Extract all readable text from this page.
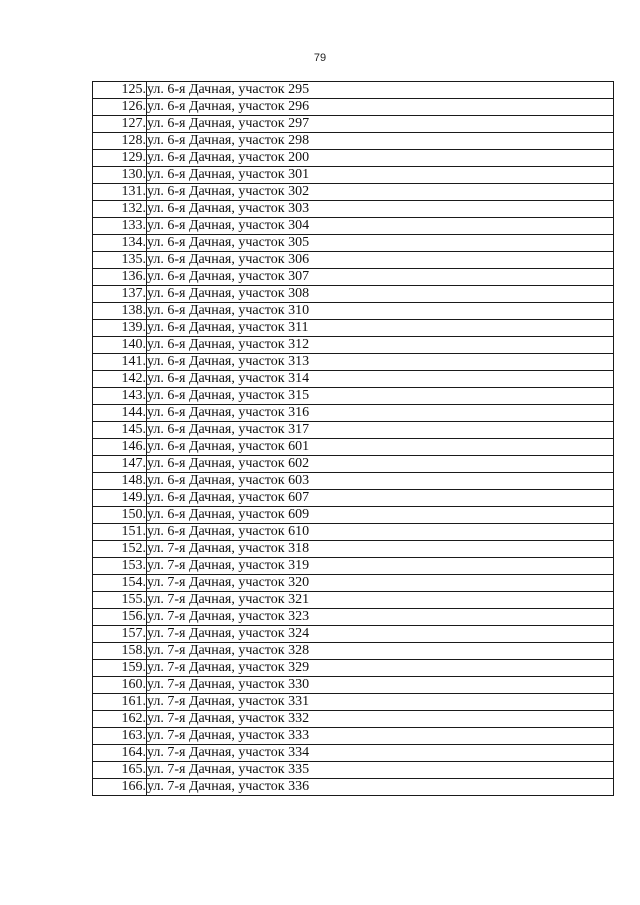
79
125.	ул. 6-я Дачная, участок 295
126.	ул. 6-я Дачная, участок 296
127.	ул. 6-я Дачная, участок 297
128.	ул. 6-я Дачная, участок 298
129.	ул. 6-я Дачная, участок 200
130.	ул. 6-я Дачная, участок 301
131.	ул. 6-я Дачная, участок 302
132.	ул. 6-я Дачная, участок 303
133.	ул. 6-я Дачная, участок 304
134.	ул. 6-я Дачная, участок 305
135.	ул. 6-я Дачная, участок 306
136.	ул. 6-я Дачная, участок 307
137.	ул. 6-я Дачная, участок 308
138.	ул. 6-я Дачная, участок 310
139.	ул. 6-я Дачная, участок 311
140.	ул. 6-я Дачная, участок 312
141.	ул. 6-я Дачная, участок 313
142.	ул. 6-я Дачная, участок 314
143.	ул. 6-я Дачная, участок 315
144.	ул. 6-я Дачная, участок 316
145.	ул. 6-я Дачная, участок 317
146.	ул. 6-я Дачная, участок 601
147.	ул. 6-я Дачная, участок 602
148.	ул. 6-я Дачная, участок 603
149.	ул. 6-я Дачная, участок 607
150.	ул. 6-я Дачная, участок 609
151.	ул. 6-я Дачная, участок 610
152.	ул. 7-я Дачная, участок 318
153.	ул. 7-я Дачная, участок 319
154.	ул. 7-я Дачная, участок 320
155.	ул. 7-я Дачная, участок 321
156.	ул. 7-я Дачная, участок 323
157.	ул. 7-я Дачная, участок 324
158.	ул. 7-я Дачная, участок 328
159.	ул. 7-я Дачная, участок 329
160.	ул. 7-я Дачная, участок 330
161.	ул. 7-я Дачная, участок 331
162.	ул. 7-я Дачная, участок 332
163.	ул. 7-я Дачная, участок 333
164.	ул. 7-я Дачная, участок 334
165.	ул. 7-я Дачная, участок 335
166.	ул. 7-я Дачная, участок 336
